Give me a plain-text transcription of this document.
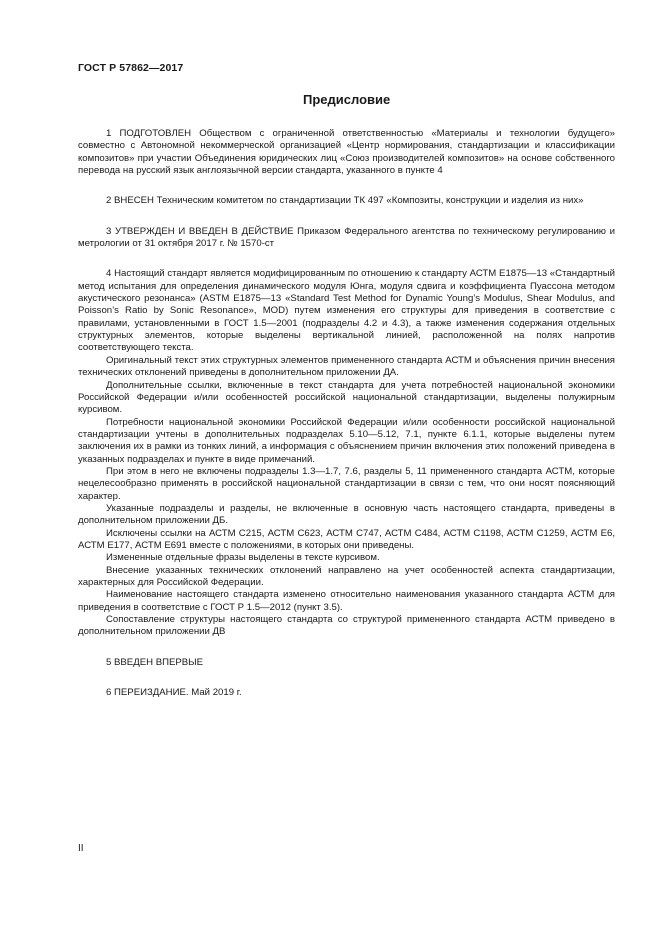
ГОСТ Р 57862—2017
Предисловие

1 ПОДГОТОВЛЕН Обществом с ограниченной ответственностью «Материалы и технологии будущего» совместно с Автономной некоммерческой организацией «Центр нормирования, стандартизации и классификации композитов» при участии Объединения юридических лиц «Союз производителей композитов» на основе собственного перевода на русский язык англоязычной версии стандарта, указанного в пункте 4

2 ВНЕСЕН Техническим комитетом по стандартизации ТК 497 «Композиты, конструкции и изделия из них»

3 УТВЕРЖДЕН И ВВЕДЕН В ДЕЙСТВИЕ Приказом Федерального агентства по техническому регулированию и метрологии от 31 октября 2017 г. № 1570-ст

4 Настоящий стандарт является модифицированным по отношению к стандарту АСТМ Е1875—13 «Стандартный метод испытания для определения динамического модуля Юнга, модуля сдвига и коэффициента Пуассона методом акустического резонанса» (ASTM E1875—13 «Standard Test Method for Dynamic Young’s Modulus, Shear Modulus, and Poisson’s Ratio by Sonic Resonance», MOD) путем изменения его структуры для приведения в соответствие с правилами, установленными в ГОСТ 1.5—2001 (подразделы 4.2 и 4.3), а также изменения содержания отдельных структурных элементов, которые выделены вертикальной линией, расположенной на полях напротив соответствующего текста.

Оригинальный текст этих структурных элементов примененного стандарта АСТМ и объяснения причин внесения технических отклонений приведены в дополнительном приложении ДА.

Дополнительные ссылки, включенные в текст стандарта для учета потребностей национальной экономики Российской Федерации и/или особенностей российской национальной стандартизации, выделены полужирным курсивом.

Потребности национальной экономики Российской Федерации и/или особенности российской национальной стандартизации учтены в дополнительных подразделах 5.10—5.12, 7.1, пункте 6.1.1, которые выделены путем заключения их в рамки из тонких линий, а информация с объяснением причин включения этих положений приведена в указанных подразделах и пункте в виде примечаний.

При этом в него не включены подразделы 1.3—1.7, 7.6, разделы 5, 11 примененного стандарта АСТМ, которые нецелесообразно применять в российской национальной стандартизации в связи с тем, что они носят поясняющий характер.

Указанные подразделы и разделы, не включенные в основную часть настоящего стандарта, приведены в дополнительном приложении ДБ.

Исключены ссылки на АСТМ С215, АСТМ С623, АСТМ С747, АСТМ С484, АСТМ С1198, АСТМ С1259, АСТМ Е6, АСТМ Е177, АСТМ Е691 вместе с положениями, в которых они приведены.

Измененные отдельные фразы выделены в тексте курсивом.

Внесение указанных технических отклонений направлено на учет особенностей аспекта стандартизации, характерных для Российской Федерации.

Наименование настоящего стандарта изменено относительно наименования указанного стандарта АСТМ для приведения в соответствие с ГОСТ Р 1.5—2012 (пункт 3.5).

Сопоставление структуры настоящего стандарта со структурой примененного стандарта АСТМ приведено в дополнительном приложении ДВ

5 ВВЕДЕН ВПЕРВЫЕ

6 ПЕРЕИЗДАНИЕ. Май 2019 г.

II
